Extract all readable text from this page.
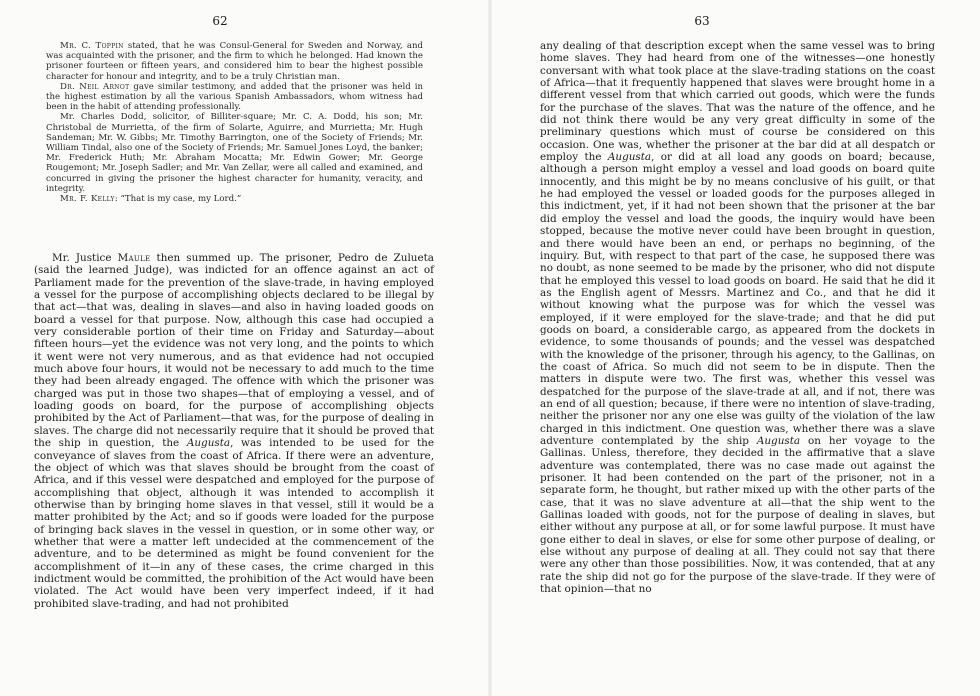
62

Mr. C. Toppin stated, that he was Consul-General for Sweden and Norway, and was acquainted with the prisoner, and the firm to which he belonged. Had known the prisoner fourteen or fifteen years, and considered him to bear the highest possible character for honour and integrity, and to be a truly Christian man.

Dr. Neil Arnot gave similar testimony, and added that the prisoner was held in the highest estimation by all the various Spanish Ambassadors, whom witness had been in the habit of attending professionally.

Mr. Charles Dodd, solicitor, of Billiter-square; Mr. C. A. Dodd, his son; Mr. Christobal de Murrietta, of the firm of Solarte, Aguirre, and Murrietta; Mr. Hugh Sandeman; Mr. W. Gibbs; Mr. Timothy Barrington, one of the Society of Friends; Mr. William Tindal, also one of the Society of Friends; Mr. Samuel Jones Loyd, the banker; Mr. Frederick Huth; Mr. Abraham Mocatta; Mr. Edwin Gower; Mr. George Rougemont; Mr. Joseph Sadler; and Mr. Van Zellar, were all called and examined, and concurred in giving the prisoner the highest character for humanity, veracity, and integrity.

Mr. F. Kelly: “That is my case, my Lord.”

Mr. Justice Maule then summed up. The prisoner, Pedro de Zulueta (said the learned Judge), was indicted for an offence against an act of Parliament made for the prevention of the slave-trade, in having employed a vessel for the purpose of accomplishing objects declared to be illegal by that act—that was, dealing in slaves—and also in having loaded goods on board a vessel for that purpose. Now, although this case had occupied a very considerable portion of their time on Friday and Saturday—about fifteen hours—yet the evidence was not very long, and the points to which it went were not very numerous, and as that evidence had not occupied much above four hours, it would not be necessary to add much to the time they had been already engaged. The offence with which the prisoner was charged was put in those two shapes—that of employing a vessel, and of loading goods on board, for the purpose of accomplishing objects prohibited by the Act of Parliament—that was, for the purpose of dealing in slaves. The charge did not necessarily require that it should be proved that the ship in question, the Augusta, was intended to be used for the conveyance of slaves from the coast of Africa. If there were an adventure, the object of which was that slaves should be brought from the coast of Africa, and if this vessel were despatched and employed for the purpose of accomplishing that object, although it was intended to accomplish it otherwise than by bringing home slaves in that vessel, still it would be a matter prohibited by the Act; and so if goods were loaded for the purpose of bringing back slaves in the vessel in question, or in some other way, or whether that were a matter left undecided at the commencement of the adventure, and to be determined as might be found convenient for the accomplishment of it—in any of these cases, the crime charged in this indictment would be committed, the prohibition of the Act would have been violated. The Act would have been very imperfect indeed, if it had prohibited slave-trading, and had not prohibited

63

any dealing of that description except when the same vessel was to bring home slaves. They had heard from one of the witnesses—one honestly conversant with what took place at the slave-trading stations on the coast of Africa—that it frequently happened that slaves were brought home in a different vessel from that which carried out goods, which were the funds for the purchase of the slaves. That was the nature of the offence, and he did not think there would be any very great difficulty in some of the preliminary questions which must of course be considered on this occasion. One was, whether the prisoner at the bar did at all despatch or employ the Augusta, or did at all load any goods on board; because, although a person might employ a vessel and load goods on board quite innocently, and this might be by no means conclusive of his guilt, or that he had employed the vessel or loaded goods for the purposes alleged in this indictment, yet, if it had not been shown that the prisoner at the bar did employ the vessel and load the goods, the inquiry would have been stopped, because the motive never could have been brought in question, and there would have been an end, or perhaps no beginning, of the inquiry. But, with respect to that part of the case, he supposed there was no doubt, as none seemed to be made by the prisoner, who did not dispute that he employed this vessel to load goods on board. He said that he did it as the English agent of Messrs. Martinez and Co., and that he did it without knowing what the purpose was for which the vessel was employed, if it were employed for the slave-trade; and that he did put goods on board, a considerable cargo, as appeared from the dockets in evidence, to some thousands of pounds; and the vessel was despatched with the knowledge of the prisoner, through his agency, to the Gallinas, on the coast of Africa. So much did not seem to be in dispute. Then the matters in dispute were two. The first was, whether this vessel was despatched for the purpose of the slave-trade at all, and if not, there was an end of all question; because, if there were no intention of slave-trading, neither the prisoner nor any one else was guilty of the violation of the law charged in this indictment. One question was, whether there was a slave adventure contemplated by the ship Augusta on her voyage to the Gallinas. Unless, therefore, they decided in the affirmative that a slave adventure was contemplated, there was no case made out against the prisoner. It had been contended on the part of the prisoner, not in a separate form, he thought, but rather mixed up with the other parts of the case, that it was no slave adventure at all—that the ship went to the Gallinas loaded with goods, not for the purpose of dealing in slaves, but either without any purpose at all, or for some lawful purpose. It must have gone either to deal in slaves, or else for some other purpose of dealing, or else without any purpose of dealing at all. They could not say that there were any other than those possibilities. Now, it was contended, that at any rate the ship did not go for the purpose of the slave-trade. If they were of that opinion—that no
